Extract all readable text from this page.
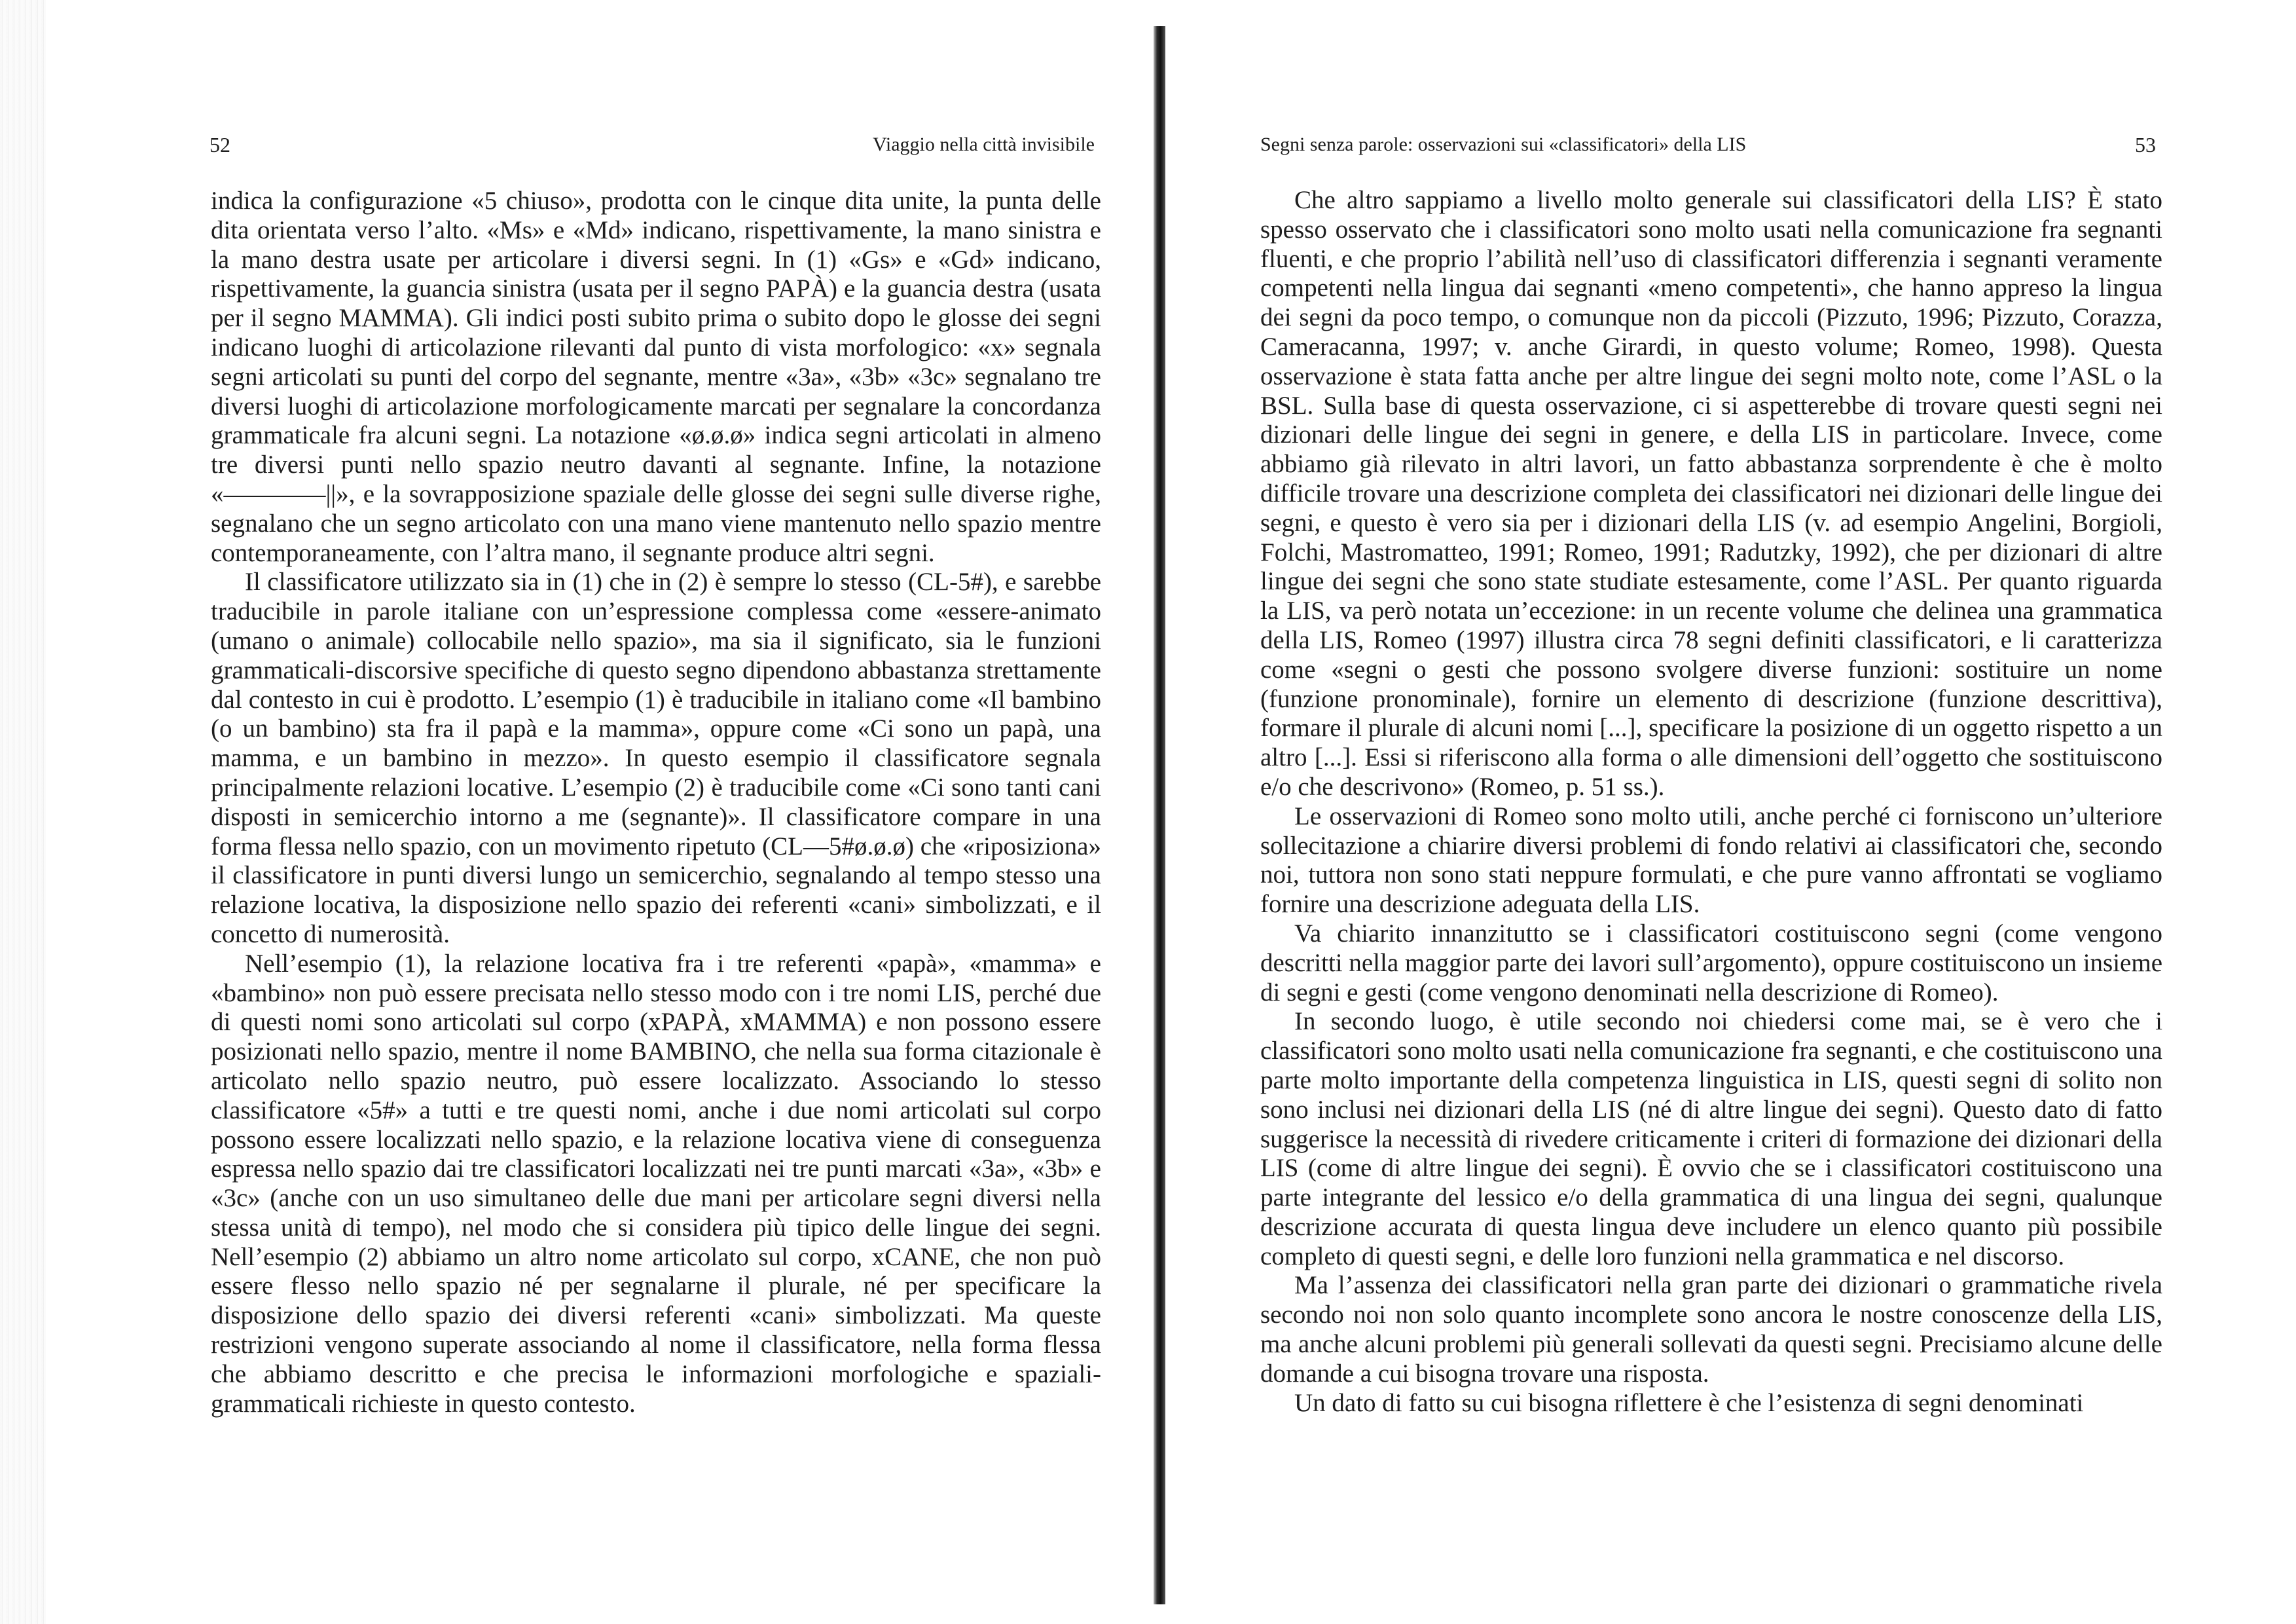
52	Viaggio nella città invisibile

indica la configurazione «5 chiuso», prodotta con le cinque dita unite, la punta delle dita orientata verso l’alto. «Ms» e «Md» indicano, rispettivamente, la mano sinistra e la mano destra usate per articolare i diversi segni. In (1) «Gs» e «Gd» indicano, rispettivamente, la guancia sinistra (usata per il segno PAPÀ) e la guancia destra (usata per il segno MAMMA). Gli indici posti subito prima o subito dopo le glosse dei segni indicano luoghi di articolazione rilevanti dal punto di vista morfologico: «x» segnala segni articolati su punti del corpo del segnante, mentre «3a», «3b» «3c» segnalano tre diversi luoghi di articolazione morfologicamente marcati per segnalare la concordanza grammaticale fra alcuni segni. La notazione «ø.ø.ø» indica segni articolati in almeno tre diversi punti nello spazio neutro davanti al segnante. Infine, la notazione «————||», e la sovrapposizione spaziale delle glosse dei segni sulle diverse righe, segnalano che un segno articolato con una mano viene mantenuto nello spazio mentre contemporaneamente, con l’altra mano, il segnante produce altri segni.

Il classificatore utilizzato sia in (1) che in (2) è sempre lo stesso (CL-5#), e sarebbe traducibile in parole italiane con un’espressione complessa come «essere-animato (umano o animale) collocabile nello spazio», ma sia il significato, sia le funzioni grammaticali-discorsive specifiche di questo segno dipendono abbastanza strettamente dal contesto in cui è prodotto. L’esempio (1) è traducibile in italiano come «Il bambino (o un bambino) sta fra il papà e la mamma», oppure come «Ci sono un papà, una mamma, e un bambino in mezzo». In questo esempio il classificatore segnala principalmente relazioni locative. L’esempio (2) è traducibile come «Ci sono tanti cani disposti in semicerchio intorno a me (segnante)». Il classificatore compare in una forma flessa nello spazio, con un movimento ripetuto (CL—5#ø.ø.ø) che «riposiziona» il classificatore in punti diversi lungo un semicerchio, segnalando al tempo stesso una relazione locativa, la disposizione nello spazio dei referenti «cani» simbolizzati, e il concetto di numerosità.

Nell’esempio (1), la relazione locativa fra i tre referenti «papà», «mamma» e «bambino» non può essere precisata nello stesso modo con i tre nomi LIS, perché due di questi nomi sono articolati sul corpo (xPAPÀ, xMAMMA) e non possono essere posizionati nello spazio, mentre il nome BAMBINO, che nella sua forma citazionale è articolato nello spazio neutro, può essere localizzato. Associando lo stesso classificatore «5#» a tutti e tre questi nomi, anche i due nomi articolati sul corpo possono essere localizzati nello spazio, e la relazione locativa viene di conseguenza espressa nello spazio dai tre classificatori localizzati nei tre punti marcati «3a», «3b» e «3c» (anche con un uso simultaneo delle due mani per articolare segni diversi nella stessa unità di tempo), nel modo che si considera più tipico delle lingue dei segni. Nell’esempio (2) abbiamo un altro nome articolato sul corpo, xCANE, che non può essere flesso nello spazio né per segnalarne il plurale, né per specificare la disposizione dello spazio dei diversi referenti «cani» simbolizzati. Ma queste restrizioni vengono superate associando al nome il classificatore, nella forma flessa che abbiamo descritto e che precisa le informazioni morfologiche e spaziali-grammaticali richieste in questo contesto.

Segni senza parole: osservazioni sui «classificatori» della LIS	53

Che altro sappiamo a livello molto generale sui classificatori della LIS? È stato spesso osservato che i classificatori sono molto usati nella comunicazione fra segnanti fluenti, e che proprio l’abilità nell’uso di classificatori differenzia i segnanti veramente competenti nella lingua dai segnanti «meno competenti», che hanno appreso la lingua dei segni da poco tempo, o comunque non da piccoli (Pizzuto, 1996; Pizzuto, Corazza, Cameracanna, 1997; v. anche Girardi, in questo volume; Romeo, 1998). Questa osservazione è stata fatta anche per altre lingue dei segni molto note, come l’ASL o la BSL. Sulla base di questa osservazione, ci si aspetterebbe di trovare questi segni nei dizionari delle lingue dei segni in genere, e della LIS in particolare. Invece, come abbiamo già rilevato in altri lavori, un fatto abbastanza sorprendente è che è molto difficile trovare una descrizione completa dei classificatori nei dizionari delle lingue dei segni, e questo è vero sia per i dizionari della LIS (v. ad esempio Angelini, Borgioli, Folchi, Mastromatteo, 1991; Romeo, 1991; Radutzky, 1992), che per dizionari di altre lingue dei segni che sono state studiate estesamente, come l’ASL. Per quanto riguarda la LIS, va però notata un’eccezione: in un recente volume che delinea una grammatica della LIS, Romeo (1997) illustra circa 78 segni definiti classificatori, e li caratterizza come «segni o gesti che possono svolgere diverse funzioni: sostituire un nome (funzione pronominale), fornire un elemento di descrizione (funzione descrittiva), formare il plurale di alcuni nomi [...], specificare la posizione di un oggetto rispetto a un altro [...]. Essi si riferiscono alla forma o alle dimensioni dell’oggetto che sostituiscono e/o che descrivono» (Romeo, p. 51 ss.).

Le osservazioni di Romeo sono molto utili, anche perché ci forniscono un’ulteriore sollecitazione a chiarire diversi problemi di fondo relativi ai classificatori che, secondo noi, tuttora non sono stati neppure formulati, e che pure vanno affrontati se vogliamo fornire una descrizione adeguata della LIS.

Va chiarito innanzitutto se i classificatori costituiscono segni (come vengono descritti nella maggior parte dei lavori sull’argomento), oppure costituiscono un insieme di segni e gesti (come vengono denominati nella descrizione di Romeo).

In secondo luogo, è utile secondo noi chiedersi come mai, se è vero che i classificatori sono molto usati nella comunicazione fra segnanti, e che costituiscono una parte molto importante della competenza linguistica in LIS, questi segni di solito non sono inclusi nei dizionari della LIS (né di altre lingue dei segni). Questo dato di fatto suggerisce la necessità di rivedere criticamente i criteri di formazione dei dizionari della LIS (come di altre lingue dei segni). È ovvio che se i classificatori costituiscono una parte integrante del lessico e/o della grammatica di una lingua dei segni, qualunque descrizione accurata di questa lingua deve includere un elenco quanto più possibile completo di questi segni, e delle loro funzioni nella grammatica e nel discorso.

Ma l’assenza dei classificatori nella gran parte dei dizionari o grammatiche rivela secondo noi non solo quanto incomplete sono ancora le nostre conoscenze della LIS, ma anche alcuni problemi più generali sollevati da questi segni. Precisiamo alcune delle domande a cui bisogna trovare una risposta.

Un dato di fatto su cui bisogna riflettere è che l’esistenza di segni denominati
